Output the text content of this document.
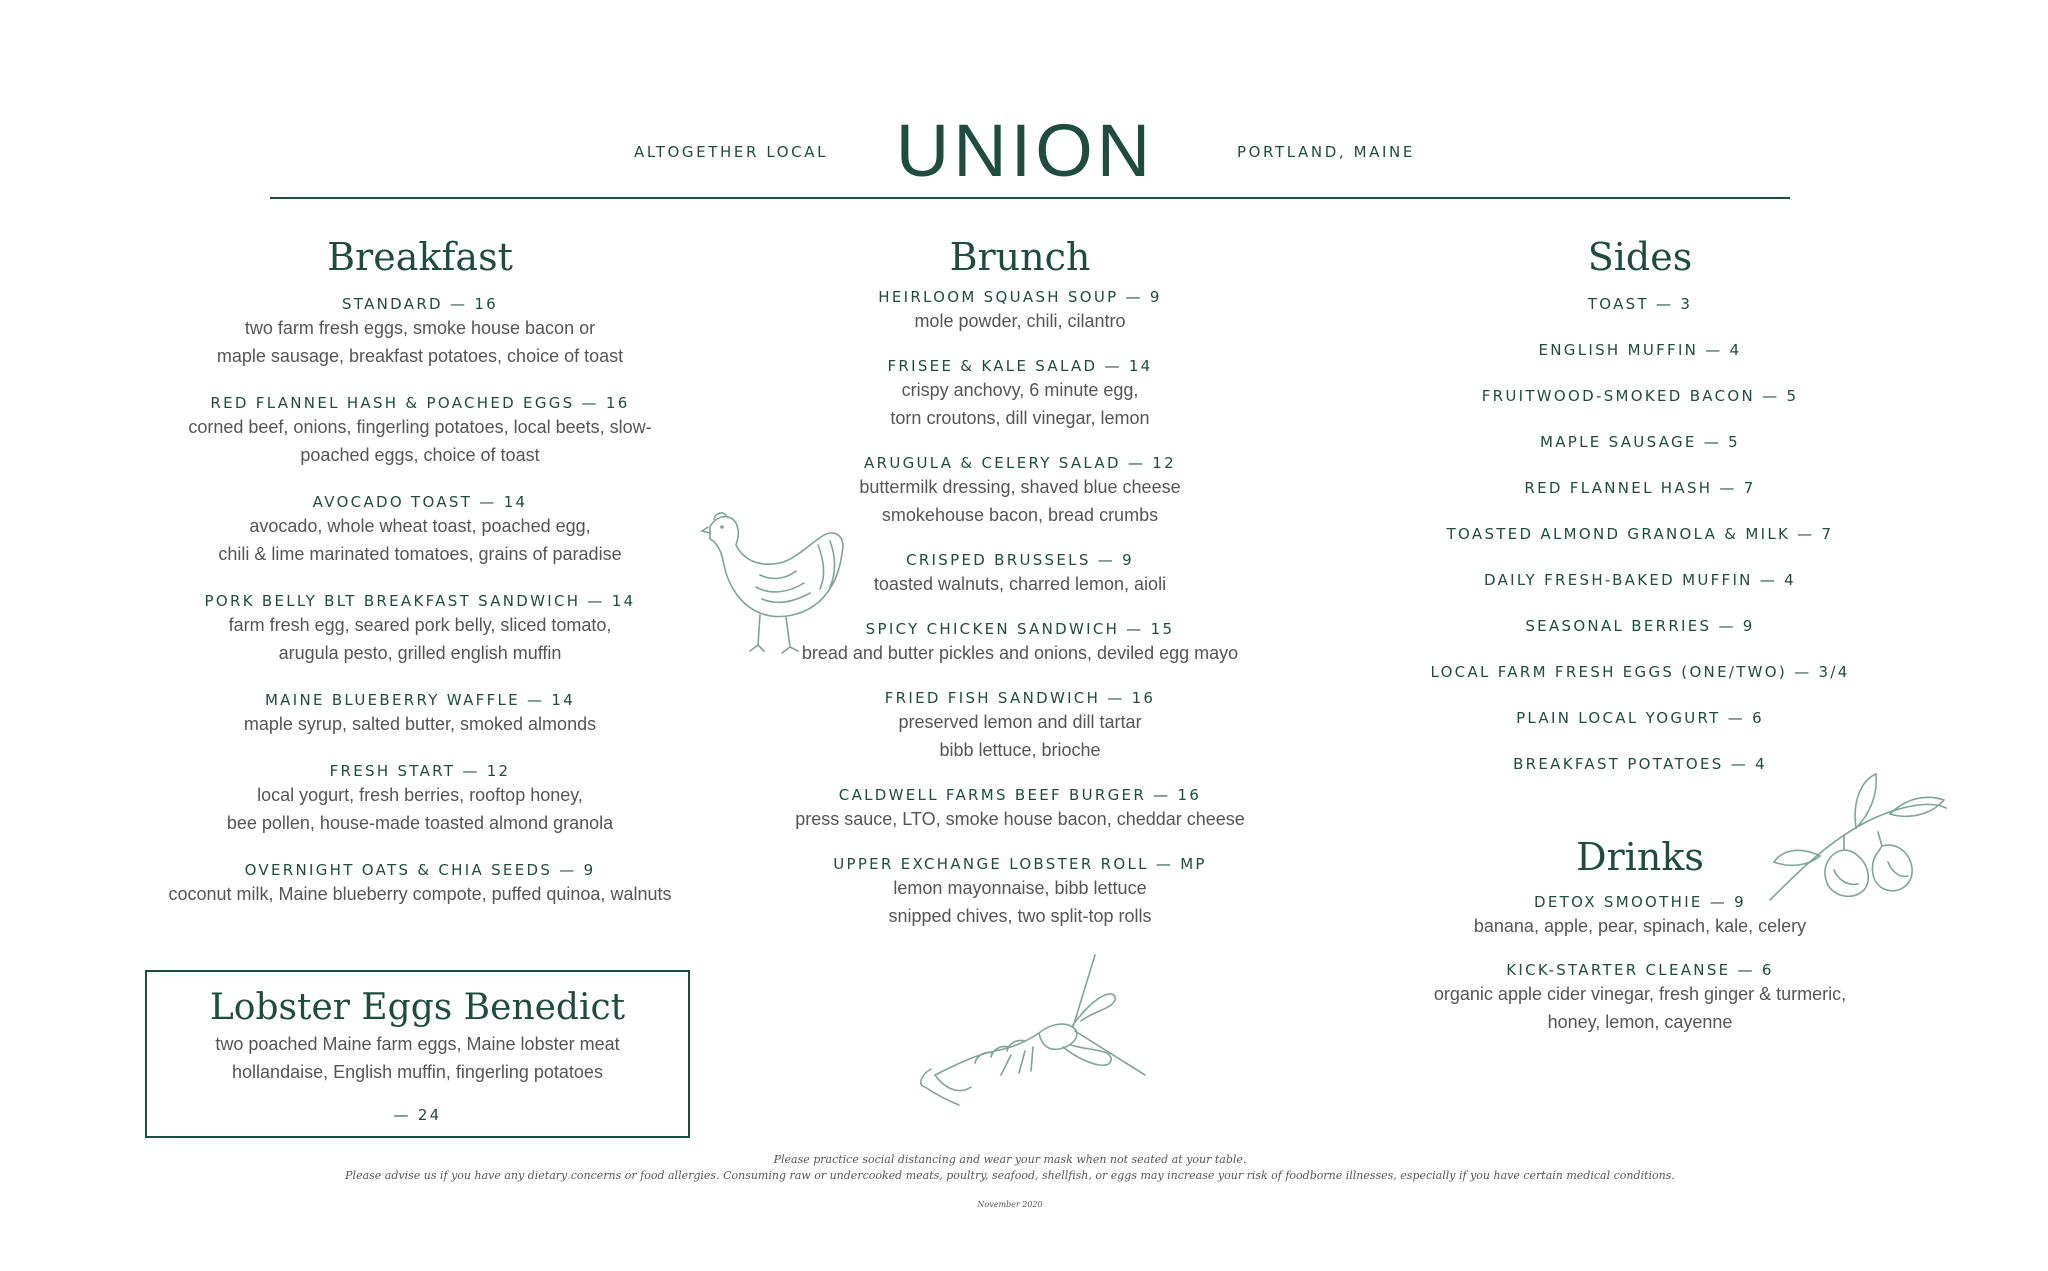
ALTOGETHER LOCAL UNION	PORTLAND, MAINE
Breakfast
STANDARD — 16
two farm fresh eggs, smoke house bacon or
maple sausage, breakfast potatoes, choice of toast
RED FLANNEL HASH & POACHED EGGS — 16
corned beef, onions, fingerling potatoes, local beets, slow-
poached eggs, choice of toast
AVOCADO TOAST — 14
avocado, whole wheat toast, poached egg,
chili & lime marinated tomatoes, grains of paradise
PORK BELLY BLT BREAKFAST SANDWICH — 14
farm fresh egg, seared pork belly, sliced tomato,
arugula pesto, grilled english muffin
MAINE BLUEBERRY WAFFLE — 14
maple syrup, salted butter, smoked almonds
FRESH START — 12
local yogurt, fresh berries, rooftop honey,
bee pollen, house-made toasted almond granola
OVERNIGHT OATS & CHIA SEEDS — 9
coconut milk, Maine blueberry compote, puffed quinoa, walnuts
Lobster Eggs Benedict
two poached Maine farm eggs, Maine lobster meat
hollandaise, English muffin, fingerling potatoes
— 24
Brunch
HEIRLOOM SQUASH SOUP — 9
mole powder, chili, cilantro
FRISEE & KALE SALAD — 14
crispy anchovy, 6 minute egg,
torn croutons, dill vinegar, lemon
ARUGULA & CELERY SALAD — 12
buttermilk dressing, shaved blue cheese
smokehouse bacon, bread crumbs
CRISPED BRUSSELS — 9
toasted walnuts, charred lemon, aioli
SPICY CHICKEN SANDWICH — 15
bread and butter pickles and onions, deviled egg mayo
FRIED FISH SANDWICH — 16
preserved lemon and dill tartar
bibb lettuce, brioche
CALDWELL FARMS BEEF BURGER — 16
press sauce, LTO, smoke house bacon, cheddar cheese
UPPER EXCHANGE LOBSTER ROLL — MP
lemon mayonnaise, bibb lettuce
snipped chives, two split-top rolls
Sides
TOAST — 3
ENGLISH MUFFIN — 4
FRUITWOOD-SMOKED BACON — 5
MAPLE SAUSAGE — 5
RED FLANNEL HASH — 7
TOASTED ALMOND GRANOLA & MILK — 7
DAILY FRESH-BAKED MUFFIN — 4
SEASONAL BERRIES — 9
LOCAL FARM FRESH EGGS (ONE/TWO) — 3/4
PLAIN LOCAL YOGURT — 6
BREAKFAST POTATOES — 4
Drinks
DETOX SMOOTHIE — 9
banana, apple, pear, spinach, kale, celery
KICK-STARTER CLEANSE — 6
organic apple cider vinegar, fresh ginger & turmeric,
honey, lemon, cayenne
Please practice social distancing and wear your mask when not seated at your table.
Please advise us if you have any dietary concerns or food allergies. Consuming raw or undercooked meats, poultry, seafood, shellfish, or eggs may increase your risk of foodborne illnesses, especially if you have certain medical conditions.
November 2020
